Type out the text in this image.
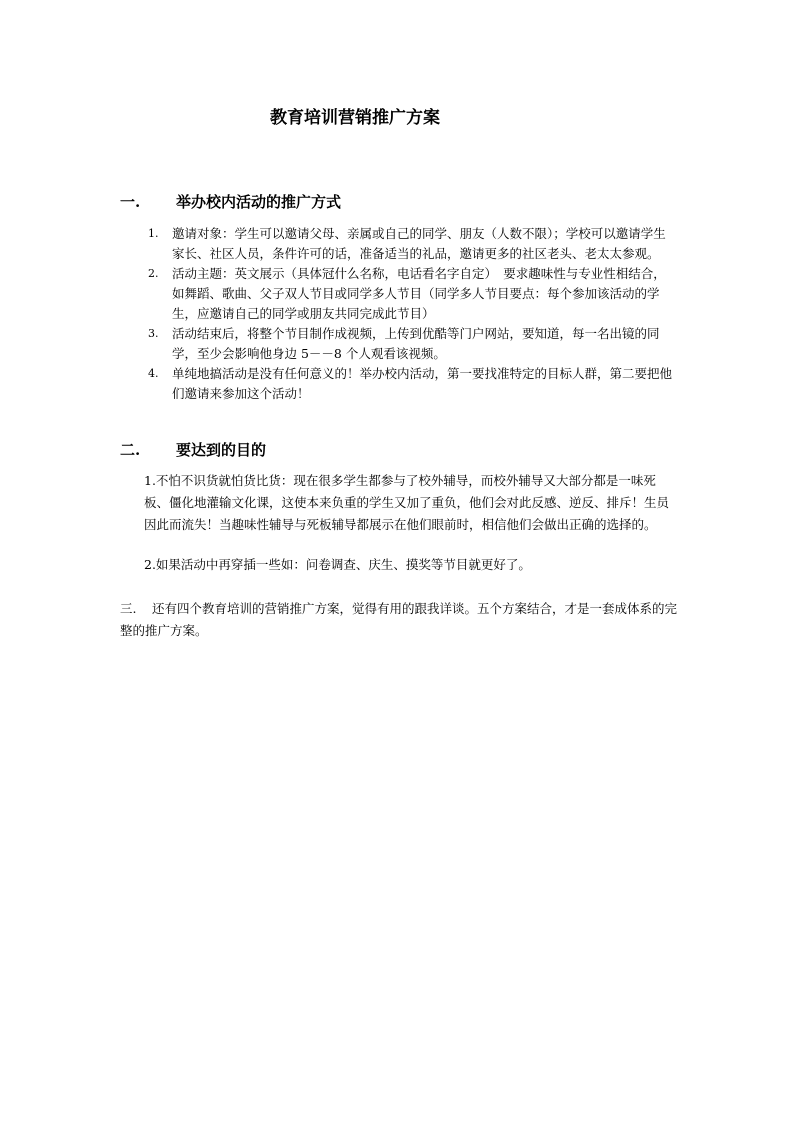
教育培训营销推广方案
一. 举办校内活动的推广方式
1. 邀请对象：学生可以邀请父母、亲属或自己的同学、朋友（人数不限）；学校可以邀请学生家长、社区人员，条件许可的话，准备适当的礼品，邀请更多的社区老头、老太太参观。
2. 活动主题：英文展示（具体冠什么名称，电话看名字自定）　要求趣味性与专业性相结合，如舞蹈、歌曲、父子双人节目或同学多人节目（同学多人节目要点：每个参加该活动的学生，应邀请自己的同学或朋友共同完成此节目）
3. 活动结束后，将整个节目制作成视频，上传到优酷等门户网站，要知道，每一名出镜的同学，至少会影响他身边 5－－8 个人观看该视频。
4. 单纯地搞活动是没有任何意义的！举办校内活动，第一要找准特定的目标人群，第二要把他们邀请来参加这个活动！
二. 要达到的目的

1.不怕不识货就怕货比货：现在很多学生都参与了校外辅导，而校外辅导又大部分都是一味死板、僵化地灌输文化课，这使本来负重的学生又加了重负，他们会对此反感、逆反、排斥！生员因此而流失！当趣味性辅导与死板辅导都展示在他们眼前时，相信他们会做出正确的选择的。

2.如果活动中再穿插一些如：问卷调查、庆生、摸奖等节目就更好了。

三. 还有四个教育培训的营销推广方案，觉得有用的跟我详谈。五个方案结合，才是一套成体系的完整的推广方案。
